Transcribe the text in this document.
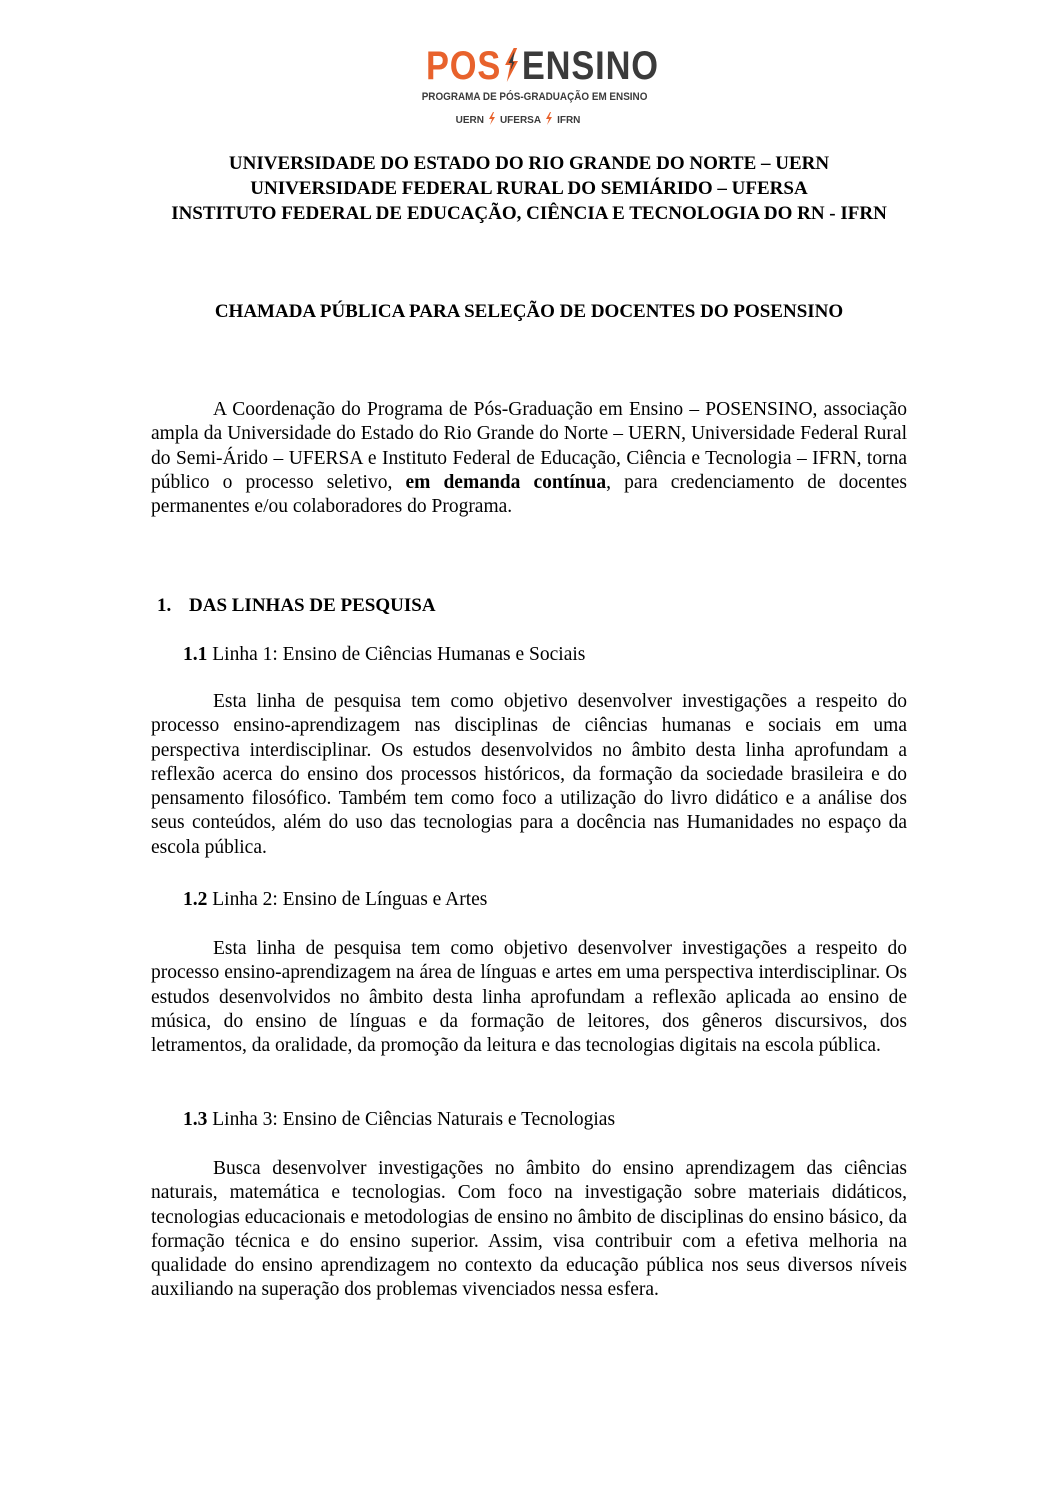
POS ENSINO
PROGRAMA DE PÓS-GRADUAÇÃO EM ENSINO
UERN UFERSA IFRN
UNIVERSIDADE DO ESTADO DO RIO GRANDE DO NORTE – UERN
UNIVERSIDADE FEDERAL RURAL DO SEMIÁRIDO – UFERSA
INSTITUTO FEDERAL DE EDUCAÇÃO, CIÊNCIA E TECNOLOGIA DO RN - IFRN
CHAMADA PÚBLICA PARA SELEÇÃO DE DOCENTES DO POSENSINO

A Coordenação do Programa de Pós-Graduação em Ensino – POSENSINO, associação ampla da Universidade do Estado do Rio Grande do Norte – UERN, Universidade Federal Rural do Semi-Árido – UFERSA e Instituto Federal de Educação, Ciência e Tecnologia – IFRN, torna público o processo seletivo, em demanda contínua, para credenciamento de docentes permanentes e/ou colaboradores do Programa.

1. DAS LINHAS DE PESQUISA
1.1 Linha 1: Ensino de Ciências Humanas e Sociais

Esta linha de pesquisa tem como objetivo desenvolver investigações a respeito do processo ensino-aprendizagem nas disciplinas de ciências humanas e sociais em uma perspectiva interdisciplinar. Os estudos desenvolvidos no âmbito desta linha aprofundam a reflexão acerca do ensino dos processos históricos, da formação da sociedade brasileira e do pensamento filosófico. Também tem como foco a utilização do livro didático e a análise dos seus conteúdos, além do uso das tecnologias para a docência nas Humanidades no espaço da escola pública.

1.2 Linha 2: Ensino de Línguas e Artes

Esta linha de pesquisa tem como objetivo desenvolver investigações a respeito do processo ensino-aprendizagem na área de línguas e artes em uma perspectiva interdisciplinar. Os estudos desenvolvidos no âmbito desta linha aprofundam a reflexão aplicada ao ensino de música, do ensino de línguas e da formação de leitores, dos gêneros discursivos, dos letramentos, da oralidade, da promoção da leitura e das tecnologias digitais na escola pública.

1.3 Linha 3: Ensino de Ciências Naturais e Tecnologias

Busca desenvolver investigações no âmbito do ensino aprendizagem das ciências naturais, matemática e tecnologias. Com foco na investigação sobre materiais didáticos, tecnologias educacionais e metodologias de ensino no âmbito de disciplinas do ensino básico, da formação técnica e do ensino superior. Assim, visa contribuir com a efetiva melhoria na qualidade do ensino aprendizagem no contexto da educação pública nos seus diversos níveis auxiliando na superação dos problemas vivenciados nessa esfera.
